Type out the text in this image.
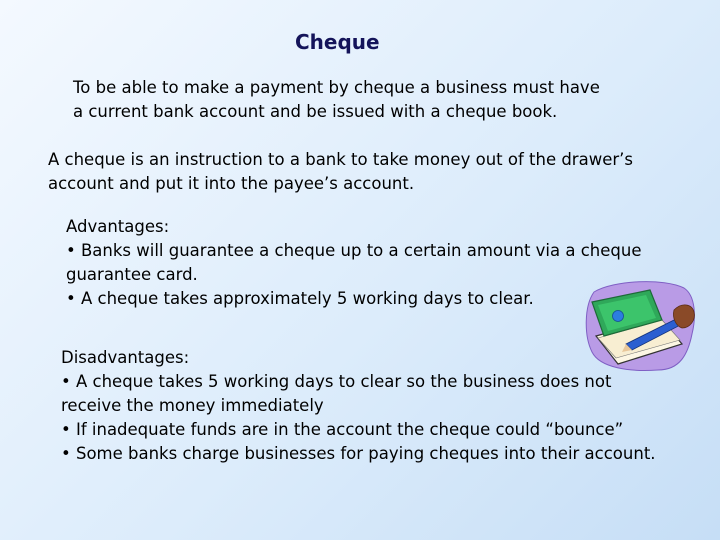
Cheque
To be able to make a payment by cheque a business must have
a current bank account and be issued with a cheque book.
A cheque is an instruction to a bank to take money out of the drawer’s
account and put it into the payee’s account.
Advantages:
• Banks will guarantee a cheque up to a certain amount via a cheque
guarantee card.
• A cheque takes approximately 5 working days to clear.
Disadvantages:
• A cheque takes 5 working days to clear so the business does not
receive the money immediately
• If inadequate funds are in the account the cheque could “bounce”
• Some banks charge businesses for paying cheques into their account.
